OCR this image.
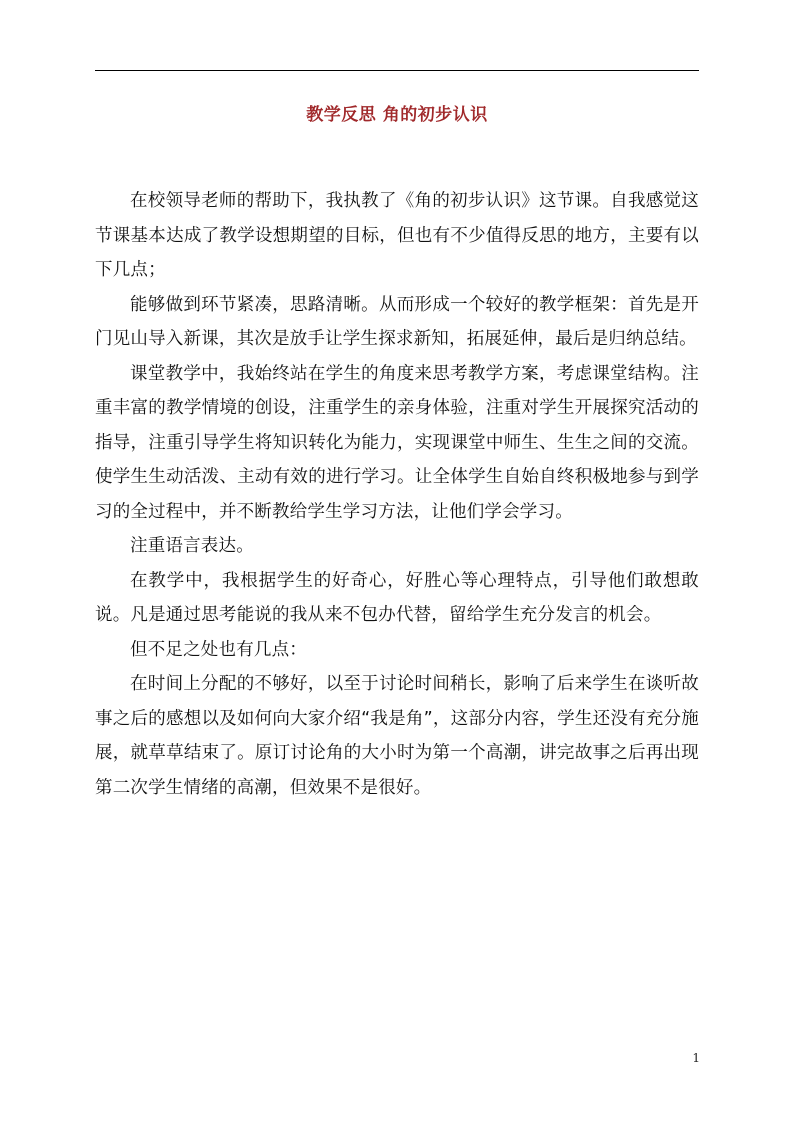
教学反思 角的初步认识

在校领导老师的帮助下，我执教了《角的初步认识》这节课。自我感觉这节课基本达成了教学设想期望的目标，但也有不少值得反思的地方，主要有以下几点；

能够做到环节紧凑，思路清晰。从而形成一个较好的教学框架：首先是开门见山导入新课，其次是放手让学生探求新知，拓展延伸，最后是归纳总结。

课堂教学中，我始终站在学生的角度来思考教学方案，考虑课堂结构。注重丰富的教学情境的创设，注重学生的亲身体验，注重对学生开展探究活动的指导，注重引导学生将知识转化为能力，实现课堂中师生、生生之间的交流。使学生生动活泼、主动有效的进行学习。让全体学生自始自终积极地参与到学习的全过程中，并不断教给学生学习方法，让他们学会学习。

注重语言表达。

在教学中，我根据学生的好奇心，好胜心等心理特点，引导他们敢想敢说。凡是通过思考能说的我从来不包办代替，留给学生充分发言的机会。

但不足之处也有几点：

在时间上分配的不够好，以至于讨论时间稍长，影响了后来学生在谈听故事之后的感想以及如何向大家介绍“我是角”，这部分内容，学生还没有充分施展，就草草结束了。原订讨论角的大小时为第一个高潮，讲完故事之后再出现第二次学生情绪的高潮，但效果不是很好。

1
